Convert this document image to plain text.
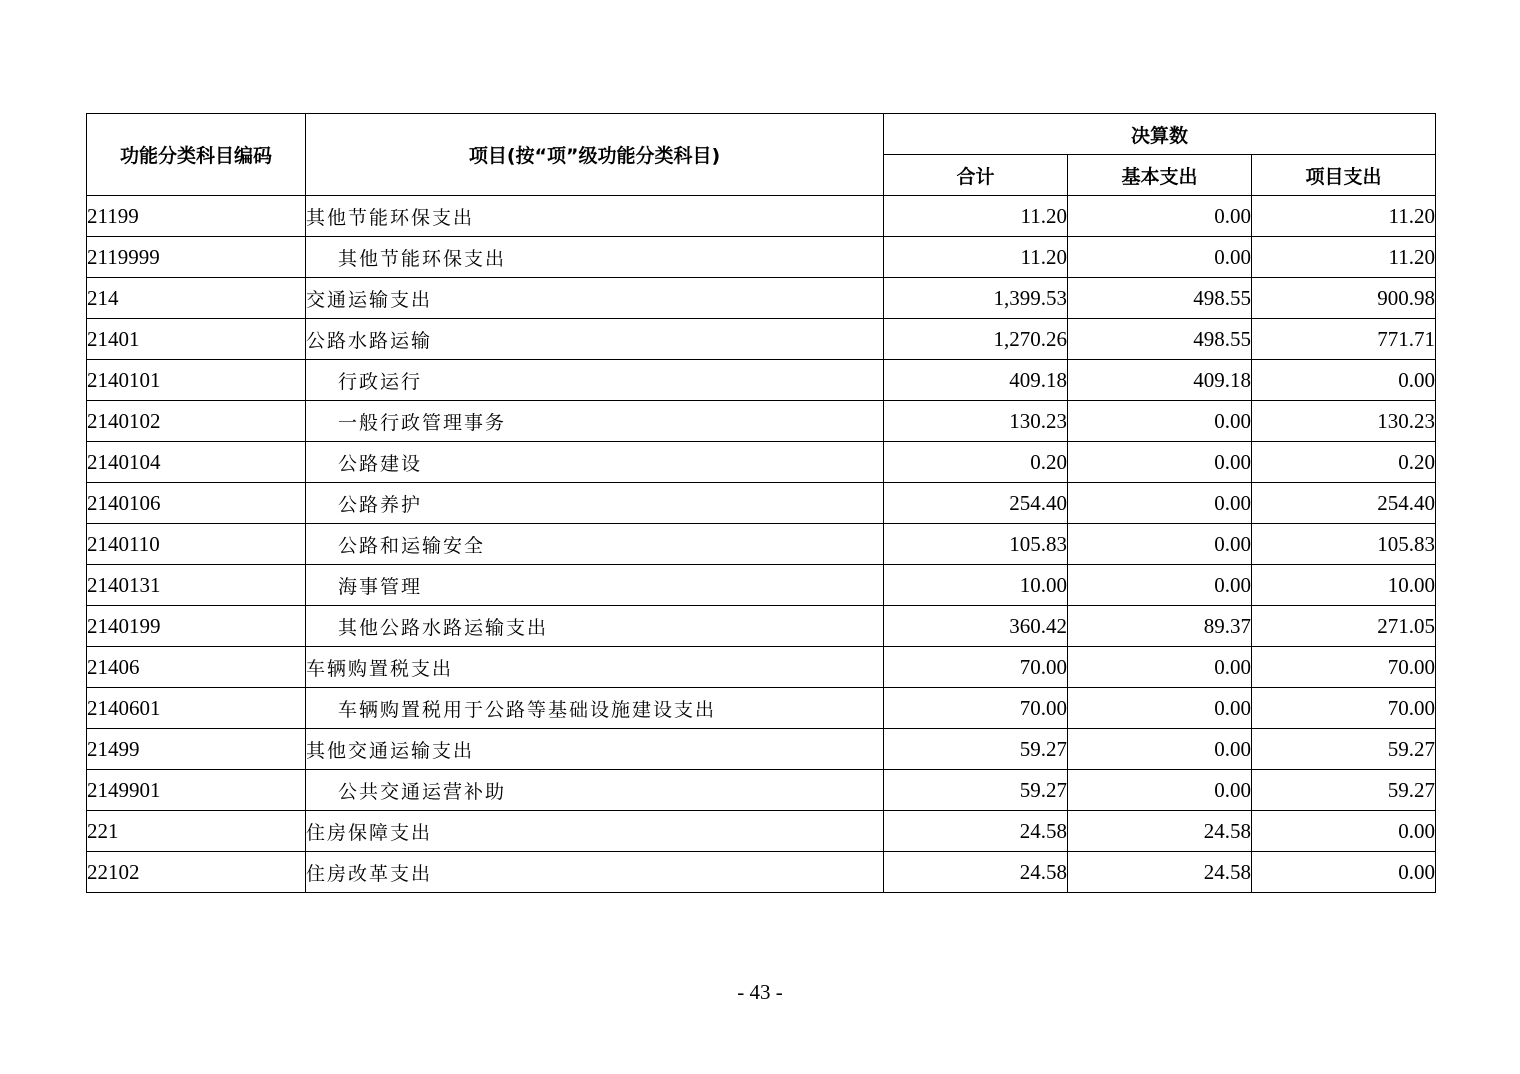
功能分类科目编码	项目(按“项”级功能分类科目)	决算数		
		合计	基本支出	项目支出
21199	其他节能环保支出	11.20	0.00	11.20
2119999	其他节能环保支出	11.20	0.00	11.20
214	交通运输支出	1,399.53	498.55	900.98
21401	公路水路运输	1,270.26	498.55	771.71
2140101	行政运行	409.18	409.18	0.00
2140102	一般行政管理事务	130.23	0.00	130.23
2140104	公路建设	0.20	0.00	0.20
2140106	公路养护	254.40	0.00	254.40
2140110	公路和运输安全	105.83	0.00	105.83
2140131	海事管理	10.00	0.00	10.00
2140199	其他公路水路运输支出	360.42	89.37	271.05
21406	车辆购置税支出	70.00	0.00	70.00
2140601	车辆购置税用于公路等基础设施建设支出	70.00	0.00	70.00
21499	其他交通运输支出	59.27	0.00	59.27
2149901	公共交通运营补助	59.27	0.00	59.27
221	住房保障支出	24.58	24.58	0.00
22102	住房改革支出	24.58	24.58	0.00
- 43 -
